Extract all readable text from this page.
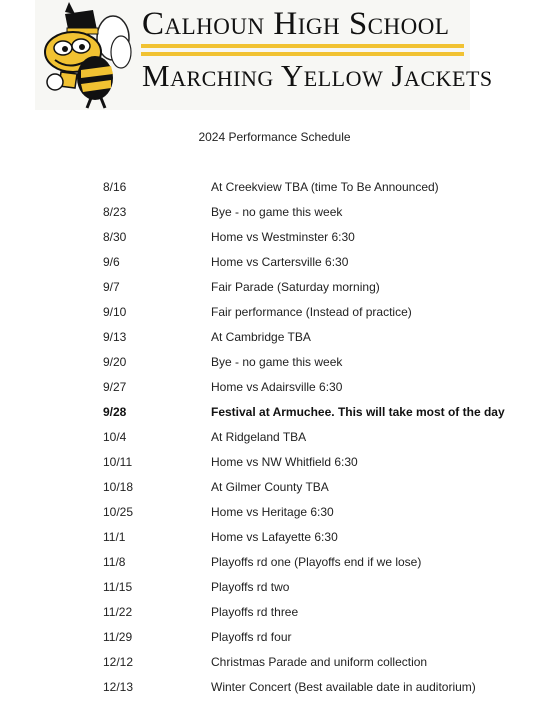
Calhoun High School
Marching Yellow Jackets
2024 Performance Schedule
8/16	At Creekview TBA (time To Be Announced)
8/23	Bye - no game this week
8/30	Home vs Westminster 6:30
9/6	Home vs Cartersville 6:30
9/7	Fair Parade (Saturday morning)
9/10	Fair performance (Instead of practice)
9/13	At Cambridge TBA
9/20	Bye - no game this week
9/27	Home vs Adairsville 6:30
9/28	Festival at Armuchee. This will take most of the day
10/4	At Ridgeland TBA
10/11	Home vs NW Whitfield 6:30
10/18	At Gilmer County TBA
10/25	Home vs Heritage 6:30
11/1	Home vs Lafayette 6:30
11/8	Playoffs rd one (Playoffs end if we lose)
11/15	Playoffs rd two
11/22	Playoffs rd three
11/29	Playoffs rd four
12/12	Christmas Parade and uniform collection
12/13	Winter Concert (Best available date in auditorium)
